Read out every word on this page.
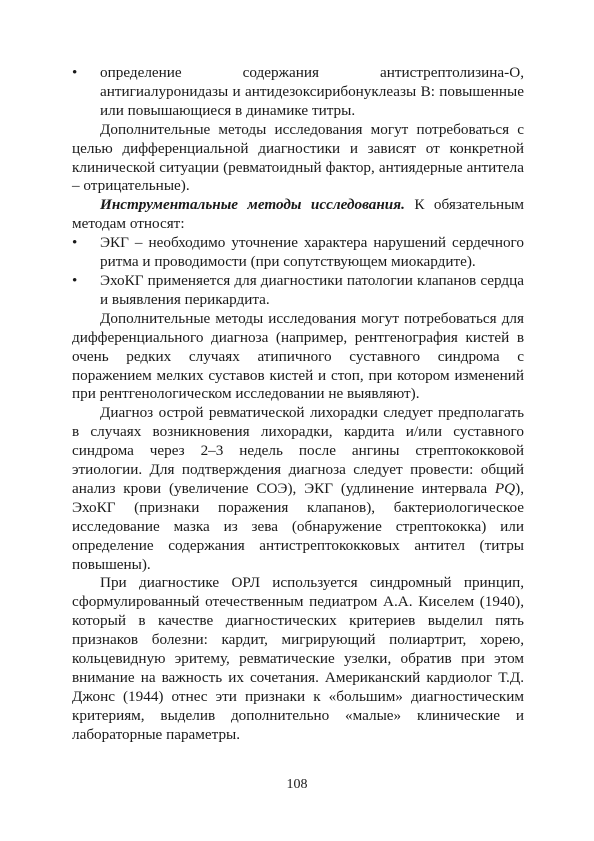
• определение содержания антистрептолизина-О, антигиалуронидазы и антидезоксирибонуклеазы В: повышенные или повышающиеся в динамике титры.

Дополнительные методы исследования могут потребоваться с целью дифференциальной диагностики и зависят от конкретной клинической ситуации (ревматоидный фактор, антиядерные антитела – отрицательные).

Инструментальные методы исследования. К обязательным методам относят:

• ЭКГ – необходимо уточнение характера нарушений сердечного ритма и проводимости (при сопутствующем миокардите).

• ЭхоКГ применяется для диагностики патологии клапанов сердца и выявления перикардита.

Дополнительные методы исследования могут потребоваться для дифференциального диагноза (например, рентгенография кистей в очень редких случаях атипичного суставного синдрома с поражением мелких суставов кистей и стоп, при котором изменений при рентгенологическом исследовании не выявляют).

Диагноз острой ревматической лихорадки следует предполагать в случаях возникновения лихорадки, кардита и/или суставного синдрома через 2–3 недель после ангины стрептококковой этиологии. Для подтверждения диагноза следует провести: общий анализ крови (увеличение СОЭ), ЭКГ (удлинение интервала PQ), ЭхоКГ (признаки поражения клапанов), бактериологическое исследование мазка из зева (обнаружение стрептококка) или определение содержания антистрептококковых антител (титры повышены).

При диагностике ОРЛ используется синдромный принцип, сформулированный отечественным педиатром А.А. Киселем (1940), который в качестве диагностических критериев выделил пять признаков болезни: кардит, мигрирующий полиартрит, хорею, кольцевидную эритему, ревматические узелки, обратив при этом внимание на важность их сочетания. Американский кардиолог Т.Д. Джонс (1944) отнес эти признаки к «большим» диагностическим критериям, выделив дополнительно «малые» клинические и лабораторные параметры.

108
